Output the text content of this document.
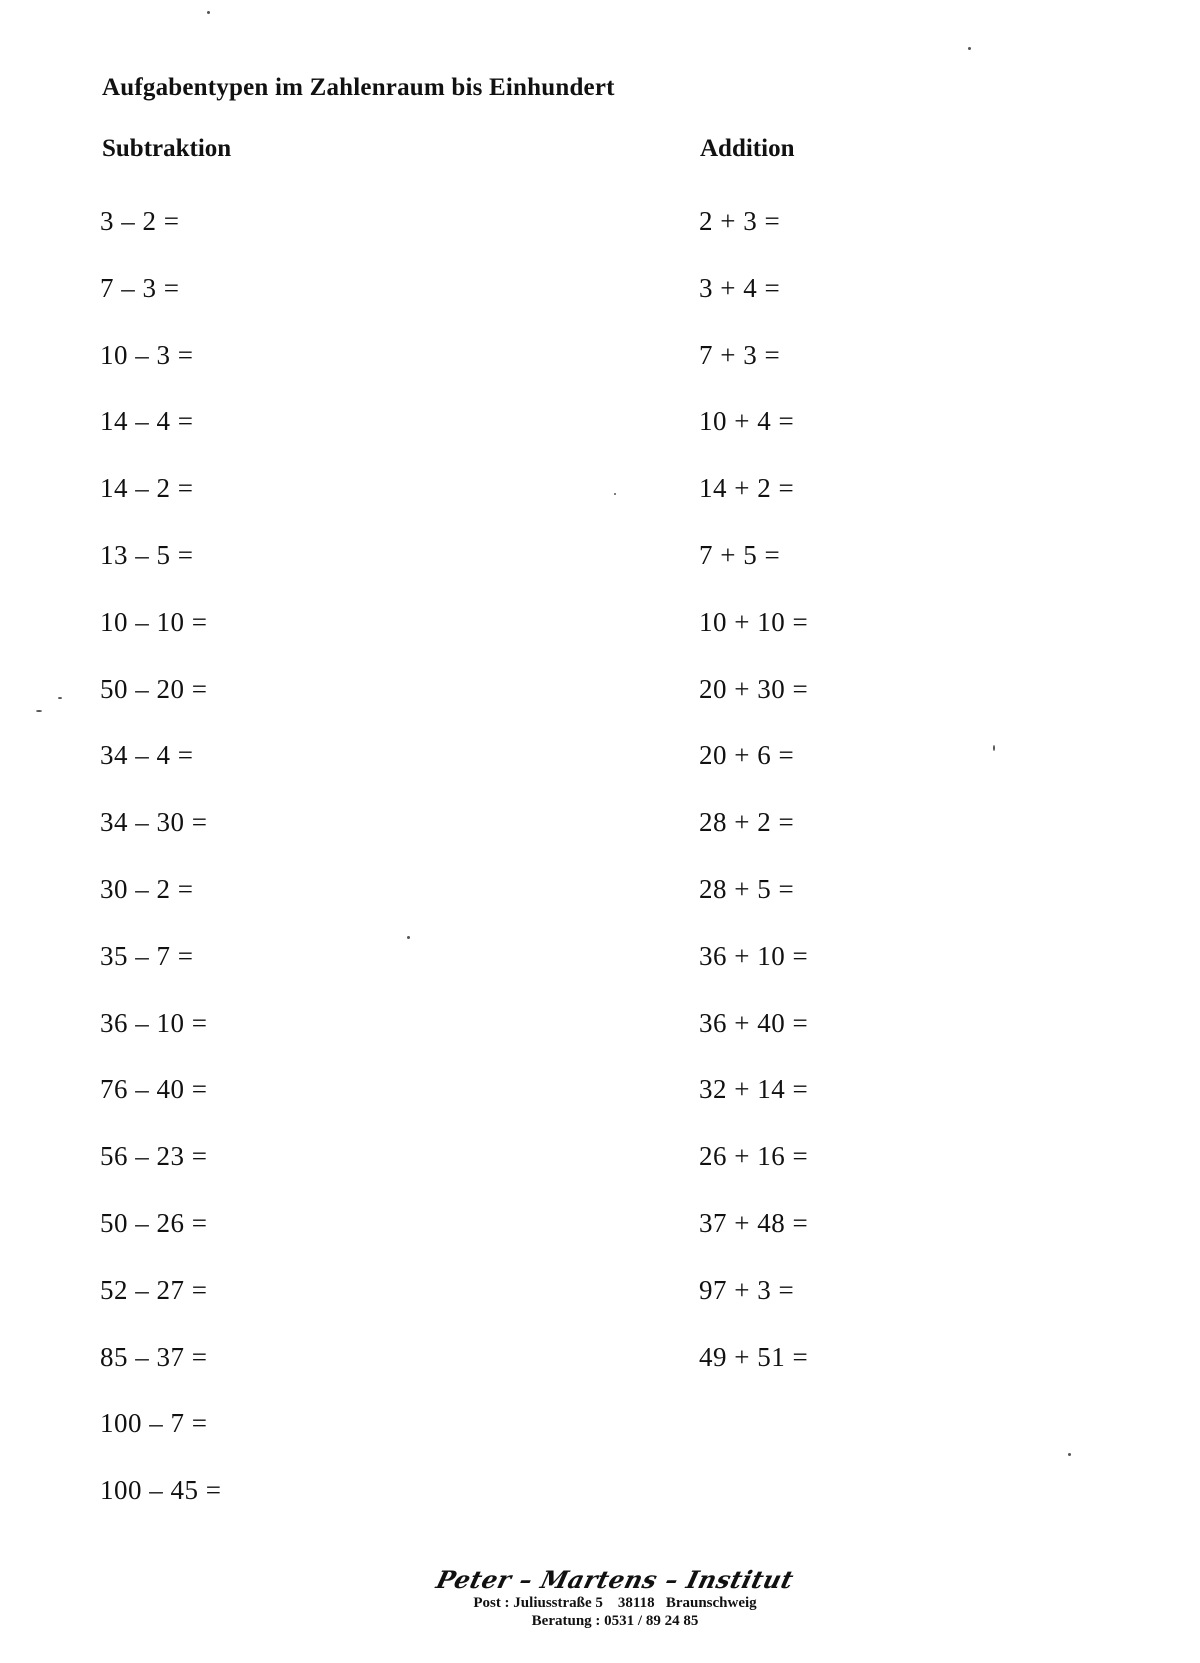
Aufgabentypen im Zahlenraum bis Einhundert
Subtraktion	Addition
3 – 2 =
7 – 3 =
10 – 3 =
14 – 4 =
14 – 2 =
13 – 5 =
10 – 10 =
50 – 20 =
34 – 4 =
34 – 30 =
30 – 2 =
35 – 7 =
36 – 10 =
76 – 40 =
56 – 23 =
50 – 26 =
52 – 27 =
85 – 37 =
100 – 7 =
100 – 45 =
2 + 3 =
3 + 4 =
7 + 3 =
10 + 4 =
14 + 2 =
7 + 5 =
10 + 10 =
20 + 30 =
20 + 6 =
28 + 2 =
28 + 5 =
36 + 10 =
36 + 40 =
32 + 14 =
26 + 16 =
37 + 48 =
97 + 3 =
49 + 51 =
Peter – Martens – Institut
Post : Juliusstraße 5    38118   Braunschweig
Beratung : 0531 / 89 24 85
